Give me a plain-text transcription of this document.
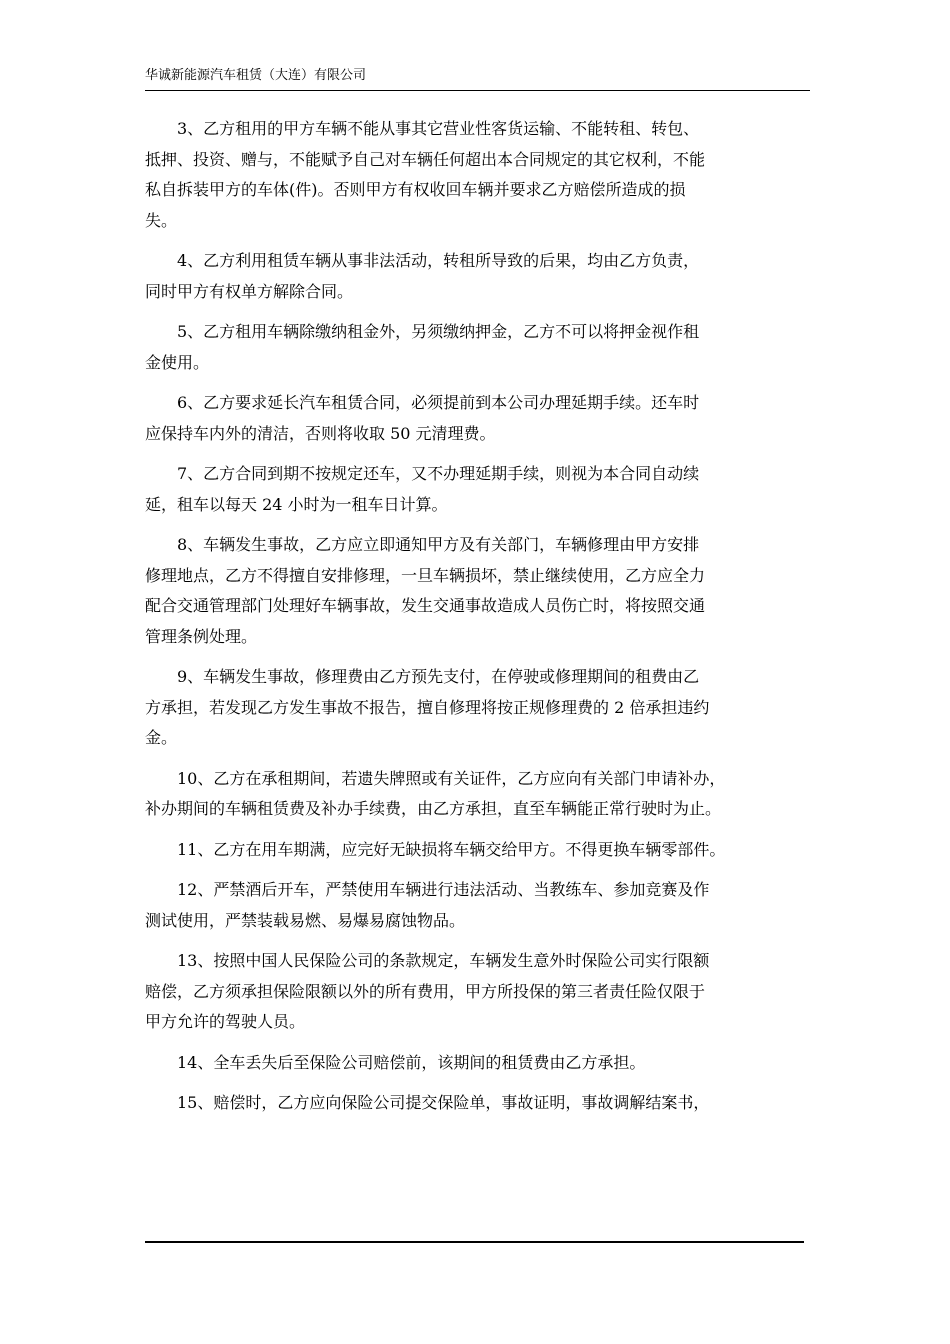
华诚新能源汽车租赁（大连）有限公司
3、乙方租用的甲方车辆不能从事其它营业性客货运输、不能转租、转包、
抵押、投资、赠与，不能赋予自己对车辆任何超出本合同规定的其它权利，不能
私自拆装甲方的车体(件)。否则甲方有权收回车辆并要求乙方赔偿所造成的损
失。
4、乙方利用租赁车辆从事非法活动，转租所导致的后果，均由乙方负责，
同时甲方有权单方解除合同。
5、乙方租用车辆除缴纳租金外，另须缴纳押金，乙方不可以将押金视作租
金使用。
6、乙方要求延长汽车租赁合同，必须提前到本公司办理延期手续。还车时
应保持车内外的清洁，否则将收取 50 元清理费。
7、乙方合同到期不按规定还车，又不办理延期手续，则视为本合同自动续
延，租车以每天 24 小时为一租车日计算。
8、车辆发生事故，乙方应立即通知甲方及有关部门，车辆修理由甲方安排
修理地点，乙方不得擅自安排修理，一旦车辆损坏，禁止继续使用，乙方应全力
配合交通管理部门处理好车辆事故，发生交通事故造成人员伤亡时，将按照交通
管理条例处理。
9、车辆发生事故，修理费由乙方预先支付，在停驶或修理期间的租费由乙
方承担，若发现乙方发生事故不报告，擅自修理将按正规修理费的 2 倍承担违约
金。
10、乙方在承租期间，若遗失牌照或有关证件，乙方应向有关部门申请补办，
补办期间的车辆租赁费及补办手续费，由乙方承担，直至车辆能正常行驶时为止。
11、乙方在用车期满，应完好无缺损将车辆交给甲方。不得更换车辆零部件。
12、严禁酒后开车，严禁使用车辆进行违法活动、当教练车、参加竞赛及作
测试使用，严禁装载易燃、易爆易腐蚀物品。
13、按照中国人民保险公司的条款规定，车辆发生意外时保险公司实行限额
赔偿，乙方须承担保险限额以外的所有费用，甲方所投保的第三者责任险仅限于
甲方允许的驾驶人员。
14、全车丢失后至保险公司赔偿前，该期间的租赁费由乙方承担。
15、赔偿时，乙方应向保险公司提交保险单，事故证明，事故调解结案书，
